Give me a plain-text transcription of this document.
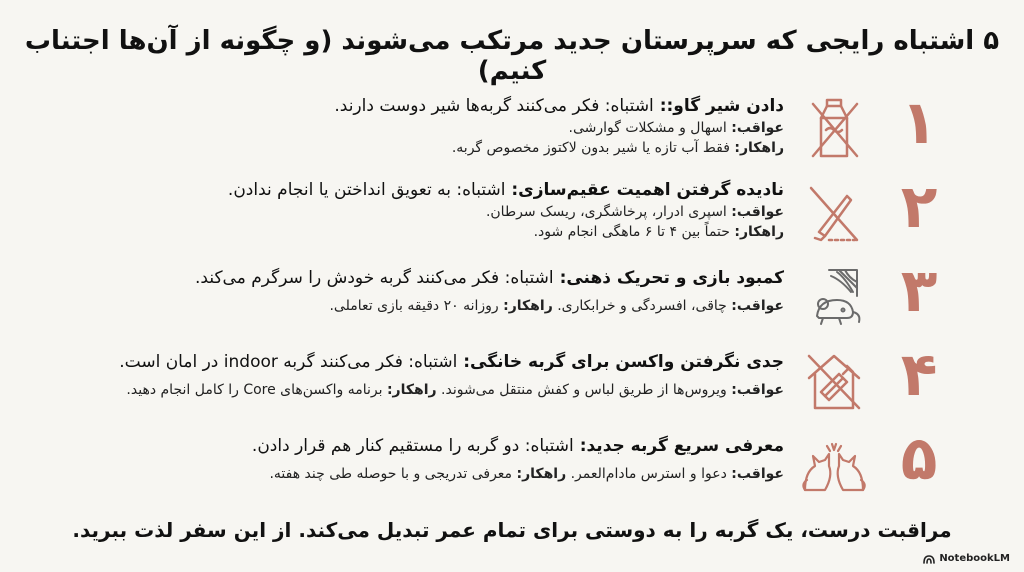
۵ اشتباه رایجی که سرپرستان جدید مرتکب می‌شوند (و چگونه از آن‌ها اجتناب کنیم)
۱
دادن شیر گاو:: اشتباه: فکر می‌کنند گربه‌ها شیر دوست دارند.
عواقب: اسهال و مشکلات گوارشی.
راهکار: فقط آب تازه یا شیر بدون لاکتوز مخصوص گربه.
۲
نادیده گرفتن اهمیت عقیم‌سازی: اشتباه: به تعویق انداختن یا انجام ندادن.
عواقب: اسپری ادرار، پرخاشگری، ریسک سرطان.
راهکار: حتماً بین ۴ تا ۶ ماهگی انجام شود.
۳
کمبود بازی و تحریک ذهنی: اشتباه: فکر می‌کنند گربه خودش را سرگرم می‌کند.
عواقب: چاقی، افسردگی و خرابکاری. راهکار: روزانه ۲۰ دقیقه بازی تعاملی.
۴
جدی نگرفتن واکسن برای گربه خانگی: اشتباه: فکر می‌کنند گربه indoor در امان است.
عواقب: ویروس‌ها از طریق لباس و کفش منتقل می‌شوند. راهکار: برنامه واکسن‌های Core را کامل انجام دهید.
۵
معرفی سریع گربه جدید: اشتباه: دو گربه را مستقیم کنار هم قرار دادن.
عواقب: دعوا و استرس مادام‌العمر. راهکار: معرفی تدریجی و با حوصله طی چند هفته.
مراقبت درست، یک گربه را به دوستی برای تمام عمر تبدیل می‌کند. از این سفر لذت ببرید.
NotebookLM
